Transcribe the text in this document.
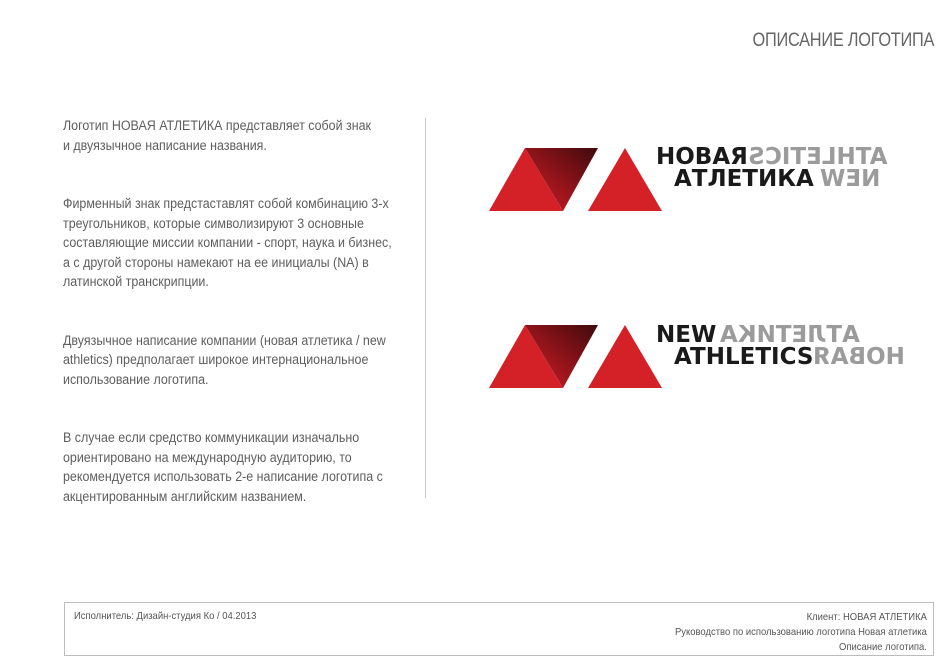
ОПИСАНИЕ ЛОГОТИПА

Логотип НОВАЯ АТЛЕТИКА представляет собой знак

и двуязычное написание названия.

Фирменный знак предстаставлят собой комбинацию 3-х

треугольников, которые символизируют 3 основные

составляющие миссии компании - спорт, наука и бизнес,

а с другой стороны намекают на ее инициалы (NA) в

латинской транскрипции.

Двуязычное написание компании (новая атлетика / new

athletics) предполагает широкое интернациональное

использование логотипа.

В случае если средство коммуникации изначально

ориентировано на международную аудиторию, то

рекомендуется использовать 2-е написание логотипа с

акцентированным английским названием.

НОВАЯATHLETICS
АТЛЕТИКА NEW
NEW АТЛЕТИКА
ATHLETICSНОВАЯ
Исполнитель: Дизайн-студия Ко / 04.2013	Клиент: НОВАЯ АТЛЕТИКА
Руководство по использованию логотипа Новая атлетика
Описание логотипа.
